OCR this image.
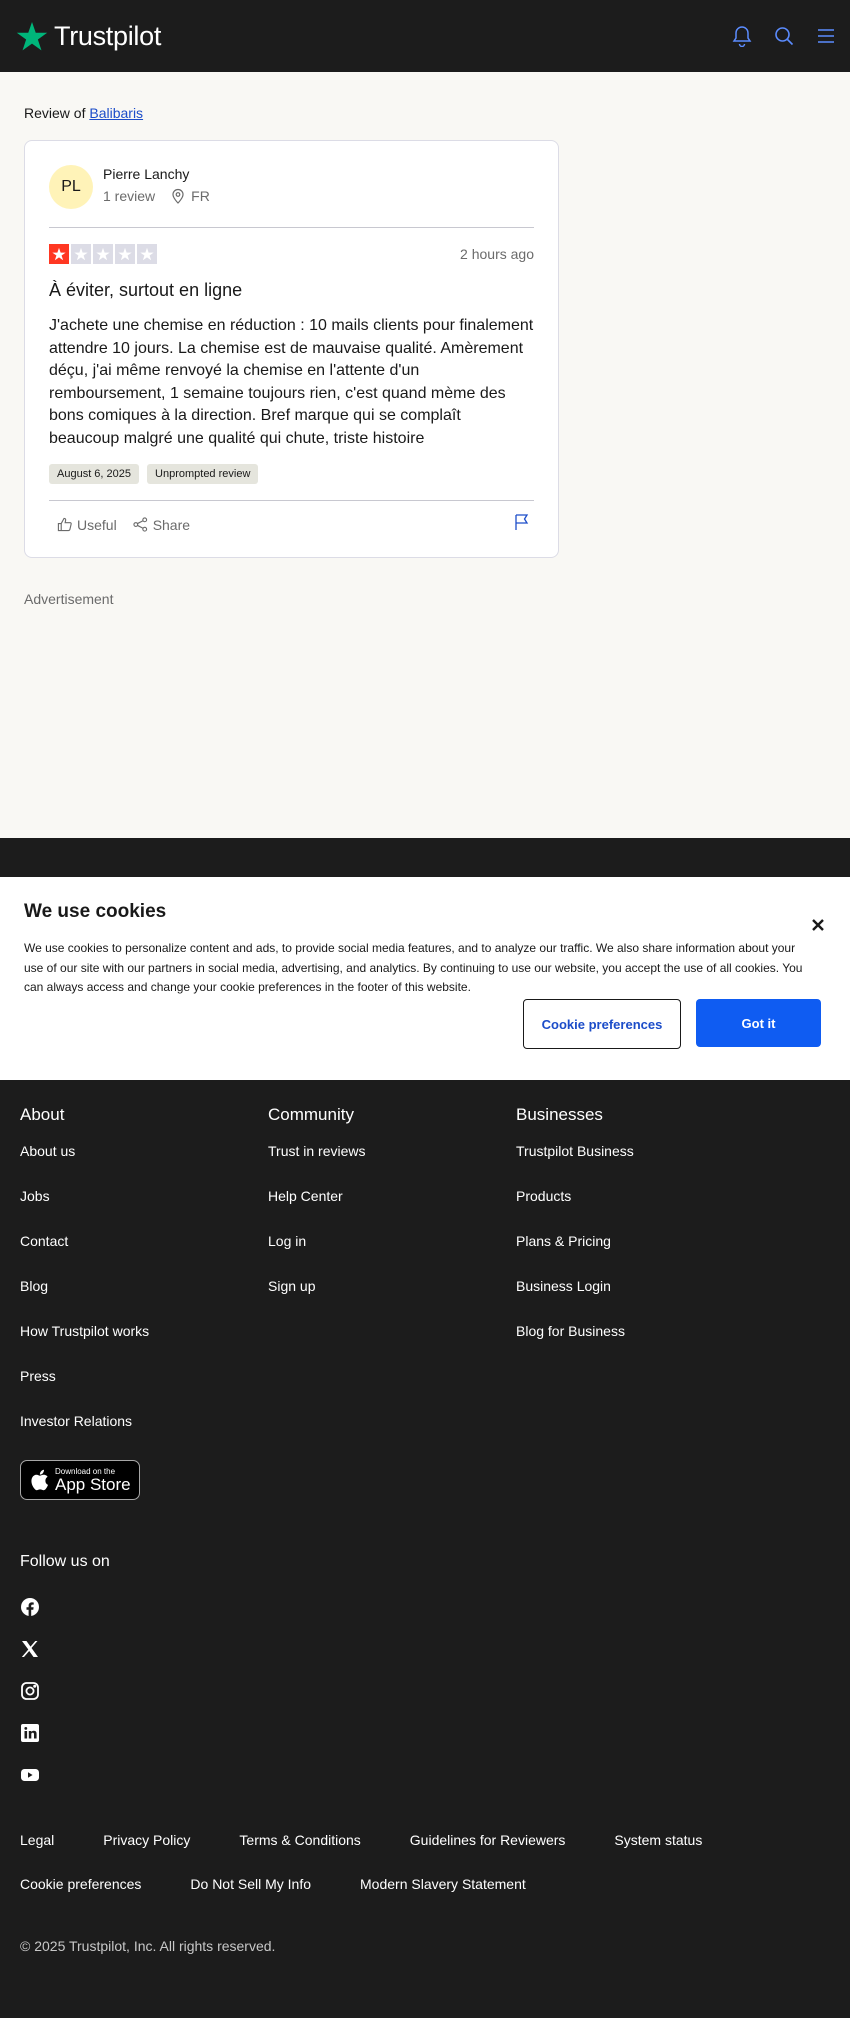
Trustpilot
Review of Balibaris
PL
Pierre Lanchy
1 review	FR
2 hours ago
À éviter, surtout en ligne

J'achete une chemise en réduction : 10 mails clients pour finalement attendre 10 jours. La chemise est de mauvaise qualité. Amèrement déçu, j'ai même renvoyé la chemise en l'attente d'un remboursement, 1 semaine toujours rien, c'est quand mème des bons comiques à la direction. Bref marque qui se complaît beaucoup malgré une qualité qui chute, triste histoire

August 6, 2025	Unprompted review
Useful	Share
Advertisement
About
About us
Jobs
Contact
Blog
How Trustpilot works
Press
Investor Relations
Community
Trust in reviews
Help Center
Log in
Sign up
Businesses
Trustpilot Business
Products
Plans & Pricing
Business Login
Blog for Business
Download on the
App Store
Follow us on
Legal	Privacy Policy	Terms & Conditions	Guidelines for Reviewers	System status
Cookie preferences	Do Not Sell My Info	Modern Slavery Statement
© 2025 Trustpilot, Inc. All rights reserved.
We use cookies

We use cookies to personalize content and ads, to provide social media features, and to analyze our traffic. We also share information about your use of our site with our partners in social media, advertising, and analytics. By continuing to use our website, you accept the use of all cookies. You can always access and change your cookie preferences in the footer of this website.

Cookie preferences	Got it
